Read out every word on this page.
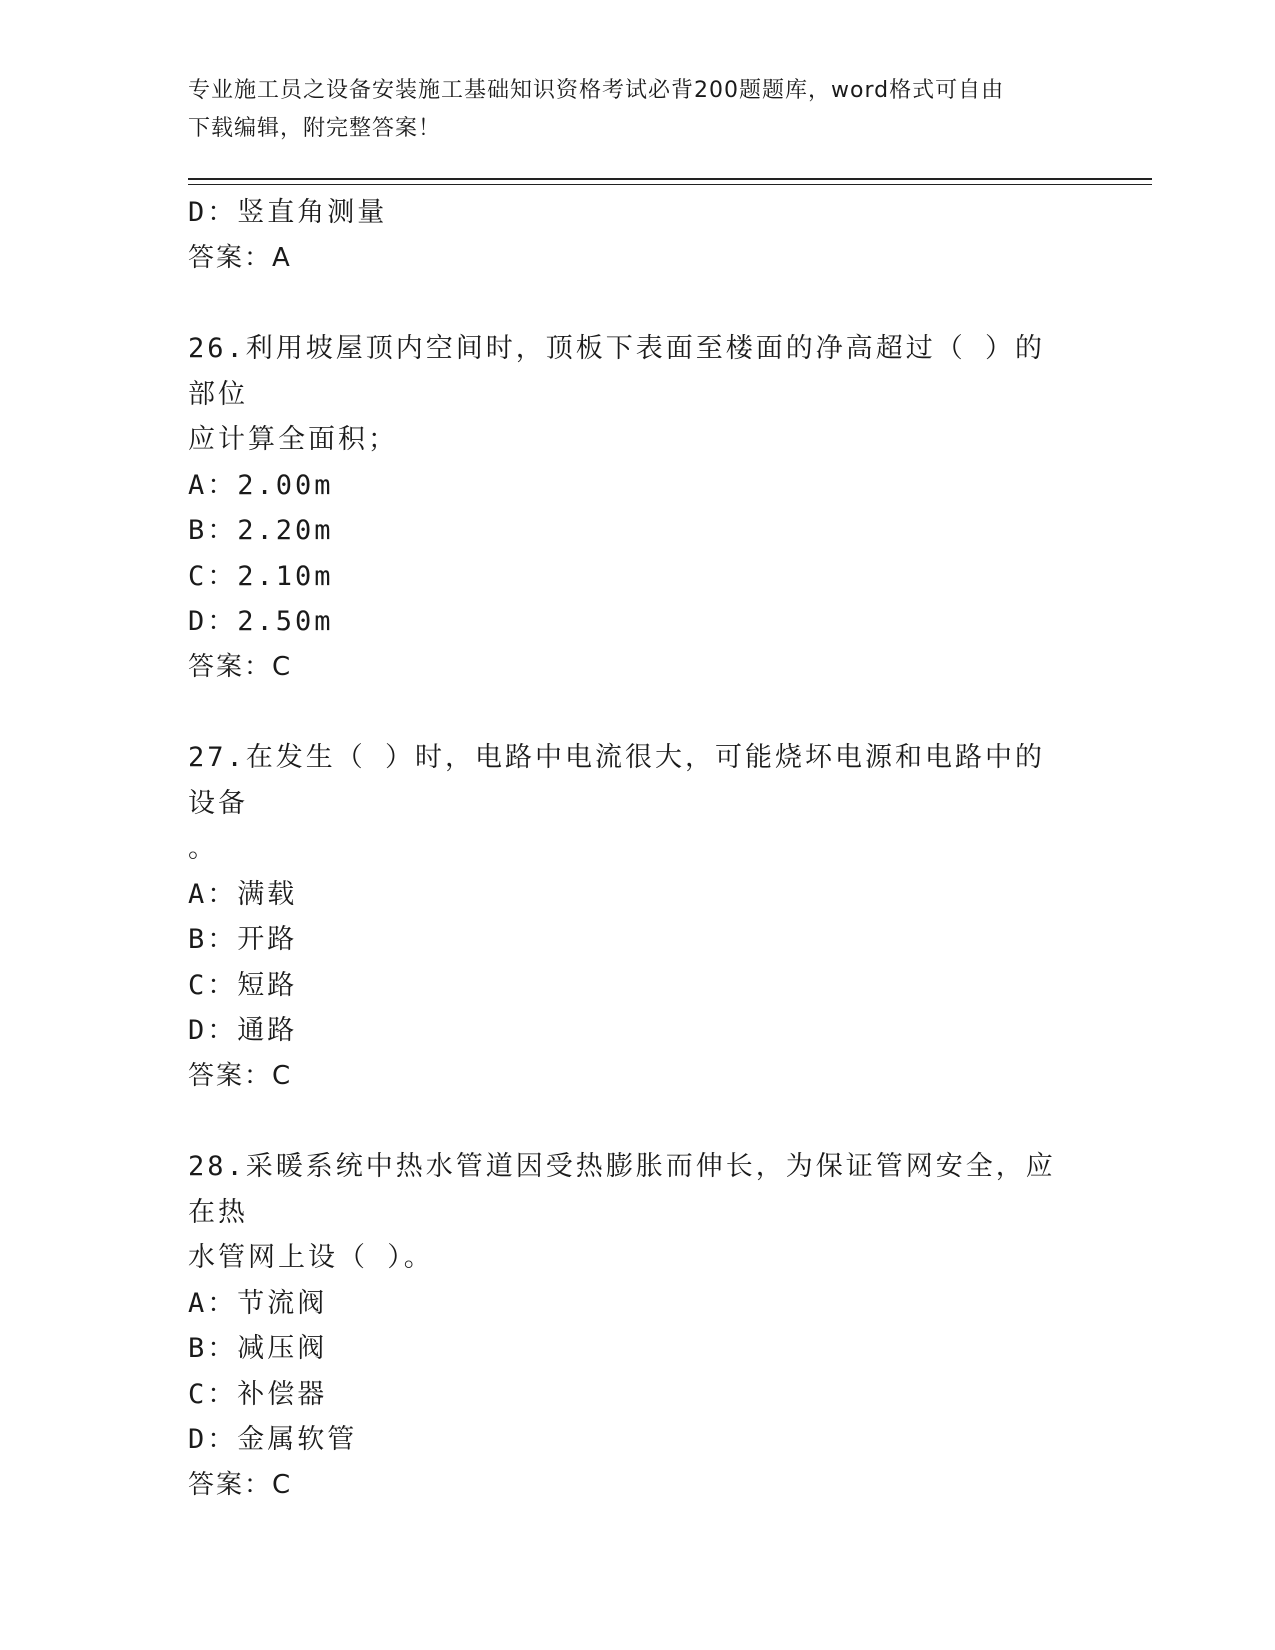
专业施工员之设备安装施工基础知识资格考试必背200题题库，word格式可自由
下载编辑，附完整答案！
D：竖直角测量
答案：A
26.利用坡屋顶内空间时，顶板下表面至楼面的净高超过（ ）的部位
应计算全面积；
A：2.00m
B：2.20m
C：2.10m
D：2.50m
答案：C
27.在发生（ ）时，电路中电流很大，可能烧坏电源和电路中的设备
。
A：满载
B：开路
C：短路
D：通路
答案：C
28.采暖系统中热水管道因受热膨胀而伸长，为保证管网安全，应在热
水管网上设（ ）。
A：节流阀
B：减压阀
C：补偿器
D：金属软管
答案：C
